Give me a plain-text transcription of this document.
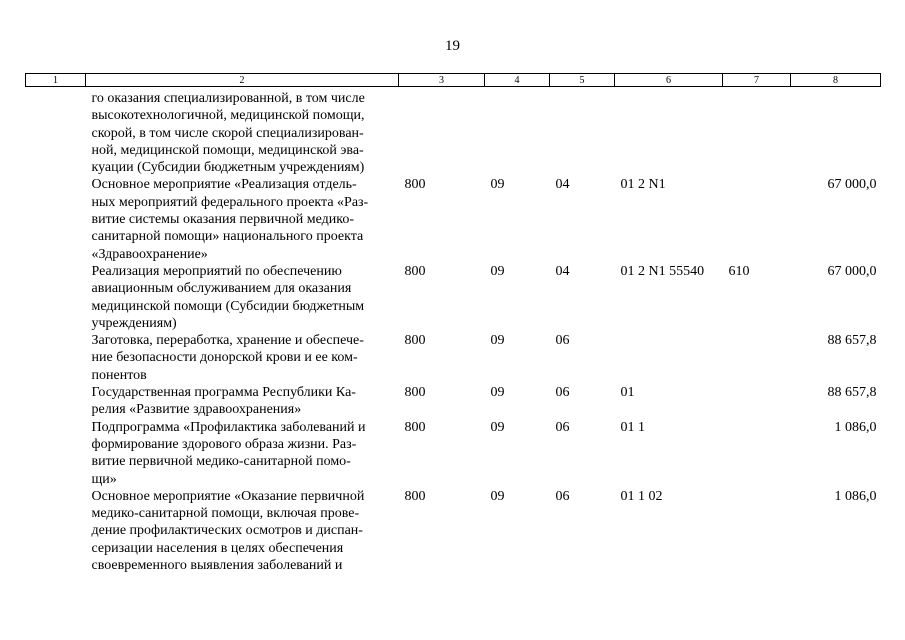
19
1	2	3	4	5	6	7	8

	го оказания специализированной, в том числе
высокотехнологичной, медицинской помощи,
скорой, в том числе скорой специализирован-
ной, медицинской помощи, медицинской эва-
куации (Субсидии бюджетным учреждениям)						

	Основное мероприятие «Реализация отдель-
ных мероприятий федерального проекта «Раз-
витие системы оказания первичной медико-
санитарной помощи» национального проекта
«Здравоохранение»	800	09	04	01 2 N1		67 000,0

	Реализация мероприятий по обеспечению
авиационным обслуживанием для оказания
медицинской помощи (Субсидии бюджетным
учреждениям)	800	09	04	01 2 N1 55540	610	67 000,0

	Заготовка, переработка, хранение и обеспече-
ние безопасности донорской крови и ее ком-
понентов	800	09	06			88 657,8

	Государственная программа Республики Ка-
релия «Развитие здравоохранения»	800	09	06	01		88 657,8

	Подпрограмма «Профилактика заболеваний и
формирование здорового образа жизни. Раз-
витие первичной медико-санитарной помо-
щи»	800	09	06	01 1		1 086,0

	Основное мероприятие «Оказание первичной
медико-санитарной помощи, включая прове-
дение профилактических осмотров и диспан-
серизации населения в целях обеспечения
своевременного выявления заболеваний и	800	09	06	01 1 02		1 086,0
